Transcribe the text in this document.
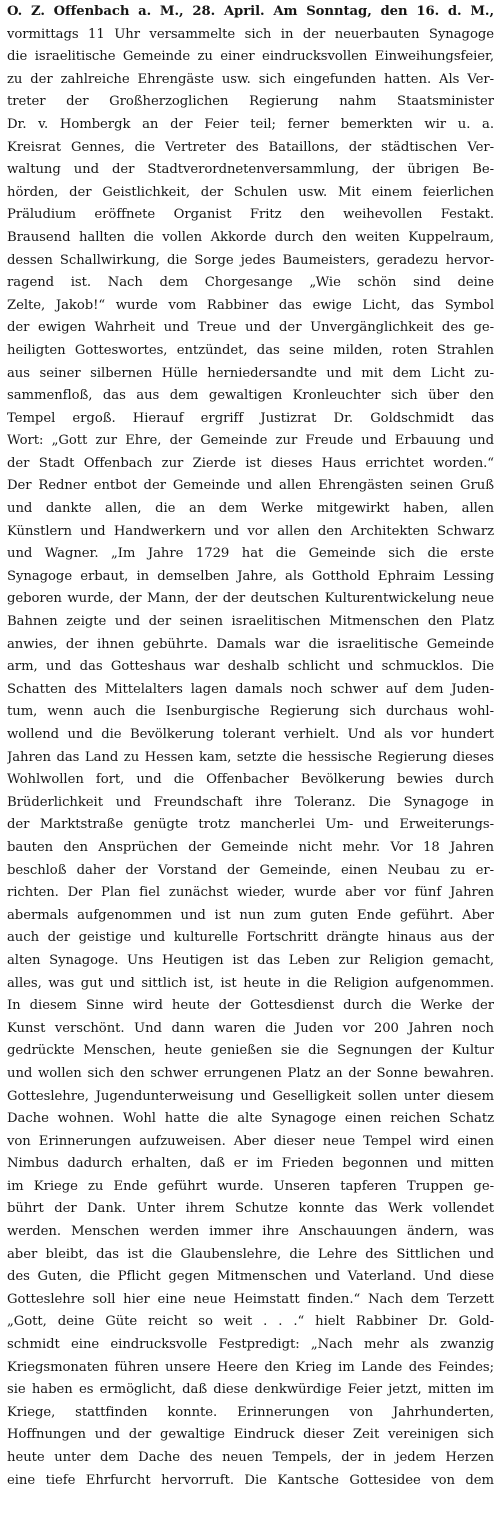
O. Z. Offenbach a. M., 28. April. Am Sonntag, den 16. d. M.,
vormittags 11 Uhr versammelte sich in der neuerbauten Synagoge
die israelitische Gemeinde zu einer eindrucksvollen Einweihungsfeier,
zu der zahlreiche Ehrengäste usw. sich eingefunden hatten. Als Ver-
treter der Großherzoglichen Regierung nahm Staatsminister
Dr. v. Hombergk an der Feier teil; ferner bemerkten wir u. a.
Kreisrat Gennes, die Vertreter des Bataillons, der städtischen Ver-
waltung und der Stadtverordnetenversammlung, der übrigen Be-
hörden, der Geistlichkeit, der Schulen usw. Mit einem feierlichen
Präludium eröffnete Organist Fritz den weihevollen Festakt.
Brausend hallten die vollen Akkorde durch den weiten Kuppelraum,
dessen Schallwirkung, die Sorge jedes Baumeisters, geradezu hervor-
ragend ist. Nach dem Chorgesange „Wie schön sind deine
Zelte, Jakob!“ wurde vom Rabbiner das ewige Licht, das Symbol
der ewigen Wahrheit und Treue und der Unvergänglichkeit des ge-
heiligten Gotteswortes, entzündet, das seine milden, roten Strahlen
aus seiner silbernen Hülle herniedersandte und mit dem Licht zu-
sammenfloß, das aus dem gewaltigen Kronleuchter sich über den
Tempel ergoß. Hierauf ergriff Justizrat Dr. Goldschmidt das
Wort: „Gott zur Ehre, der Gemeinde zur Freude und Erbauung und
der Stadt Offenbach zur Zierde ist dieses Haus errichtet worden.“
Der Redner entbot der Gemeinde und allen Ehrengästen seinen Gruß
und dankte allen, die an dem Werke mitgewirkt haben, allen
Künstlern und Handwerkern und vor allen den Architekten Schwarz
und Wagner. „Im Jahre 1729 hat die Gemeinde sich die erste
Synagoge erbaut, in demselben Jahre, als Gotthold Ephraim Lessing
geboren wurde, der Mann, der der deutschen Kulturentwickelung neue
Bahnen zeigte und der seinen israelitischen Mitmenschen den Platz
anwies, der ihnen gebührte. Damals war die israelitische Gemeinde
arm, und das Gotteshaus war deshalb schlicht und schmucklos. Die
Schatten des Mittelalters lagen damals noch schwer auf dem Juden-
tum, wenn auch die Isenburgische Regierung sich durchaus wohl-
wollend und die Bevölkerung tolerant verhielt. Und als vor hundert
Jahren das Land zu Hessen kam, setzte die hessische Regierung dieses
Wohlwollen fort, und die Offenbacher Bevölkerung bewies durch
Brüderlichkeit und Freundschaft ihre Toleranz. Die Synagoge in
der Marktstraße genügte trotz mancherlei Um- und Erweiterungs-
bauten den Ansprüchen der Gemeinde nicht mehr. Vor 18 Jahren
beschloß daher der Vorstand der Gemeinde, einen Neubau zu er-
richten. Der Plan fiel zunächst wieder, wurde aber vor fünf Jahren
abermals aufgenommen und ist nun zum guten Ende geführt. Aber
auch der geistige und kulturelle Fortschritt drängte hinaus aus der
alten Synagoge. Uns Heutigen ist das Leben zur Religion gemacht,
alles, was gut und sittlich ist, ist heute in die Religion aufgenommen.
In diesem Sinne wird heute der Gottesdienst durch die Werke der
Kunst verschönt. Und dann waren die Juden vor 200 Jahren noch
gedrückte Menschen, heute genießen sie die Segnungen der Kultur
und wollen sich den schwer errungenen Platz an der Sonne bewahren.
Gotteslehre, Jugendunterweisung und Geselligkeit sollen unter diesem
Dache wohnen. Wohl hatte die alte Synagoge einen reichen Schatz
von Erinnerungen aufzuweisen. Aber dieser neue Tempel wird einen
Nimbus dadurch erhalten, daß er im Frieden begonnen und mitten
im Kriege zu Ende geführt wurde. Unseren tapferen Truppen ge-
bührt der Dank. Unter ihrem Schutze konnte das Werk vollendet
werden. Menschen werden immer ihre Anschauungen ändern, was
aber bleibt, das ist die Glaubenslehre, die Lehre des Sittlichen und
des Guten, die Pflicht gegen Mitmenschen und Vaterland. Und diese
Gotteslehre soll hier eine neue Heimstatt finden.“ Nach dem Terzett
„Gott, deine Güte reicht so weit . . .“ hielt Rabbiner Dr. Gold-
schmidt eine eindrucksvolle Festpredigt: „Nach mehr als zwanzig
Kriegsmonaten führen unsere Heere den Krieg im Lande des Feindes;
sie haben es ermöglicht, daß diese denkwürdige Feier jetzt, mitten im
Kriege, stattfinden konnte. Erinnerungen von Jahrhunderten,
Hoffnungen und der gewaltige Eindruck dieser Zeit vereinigen sich
heute unter dem Dache des neuen Tempels, der in jedem Herzen
eine tiefe Ehrfurcht hervorruft. Die Kantsche Gottesidee von dem
